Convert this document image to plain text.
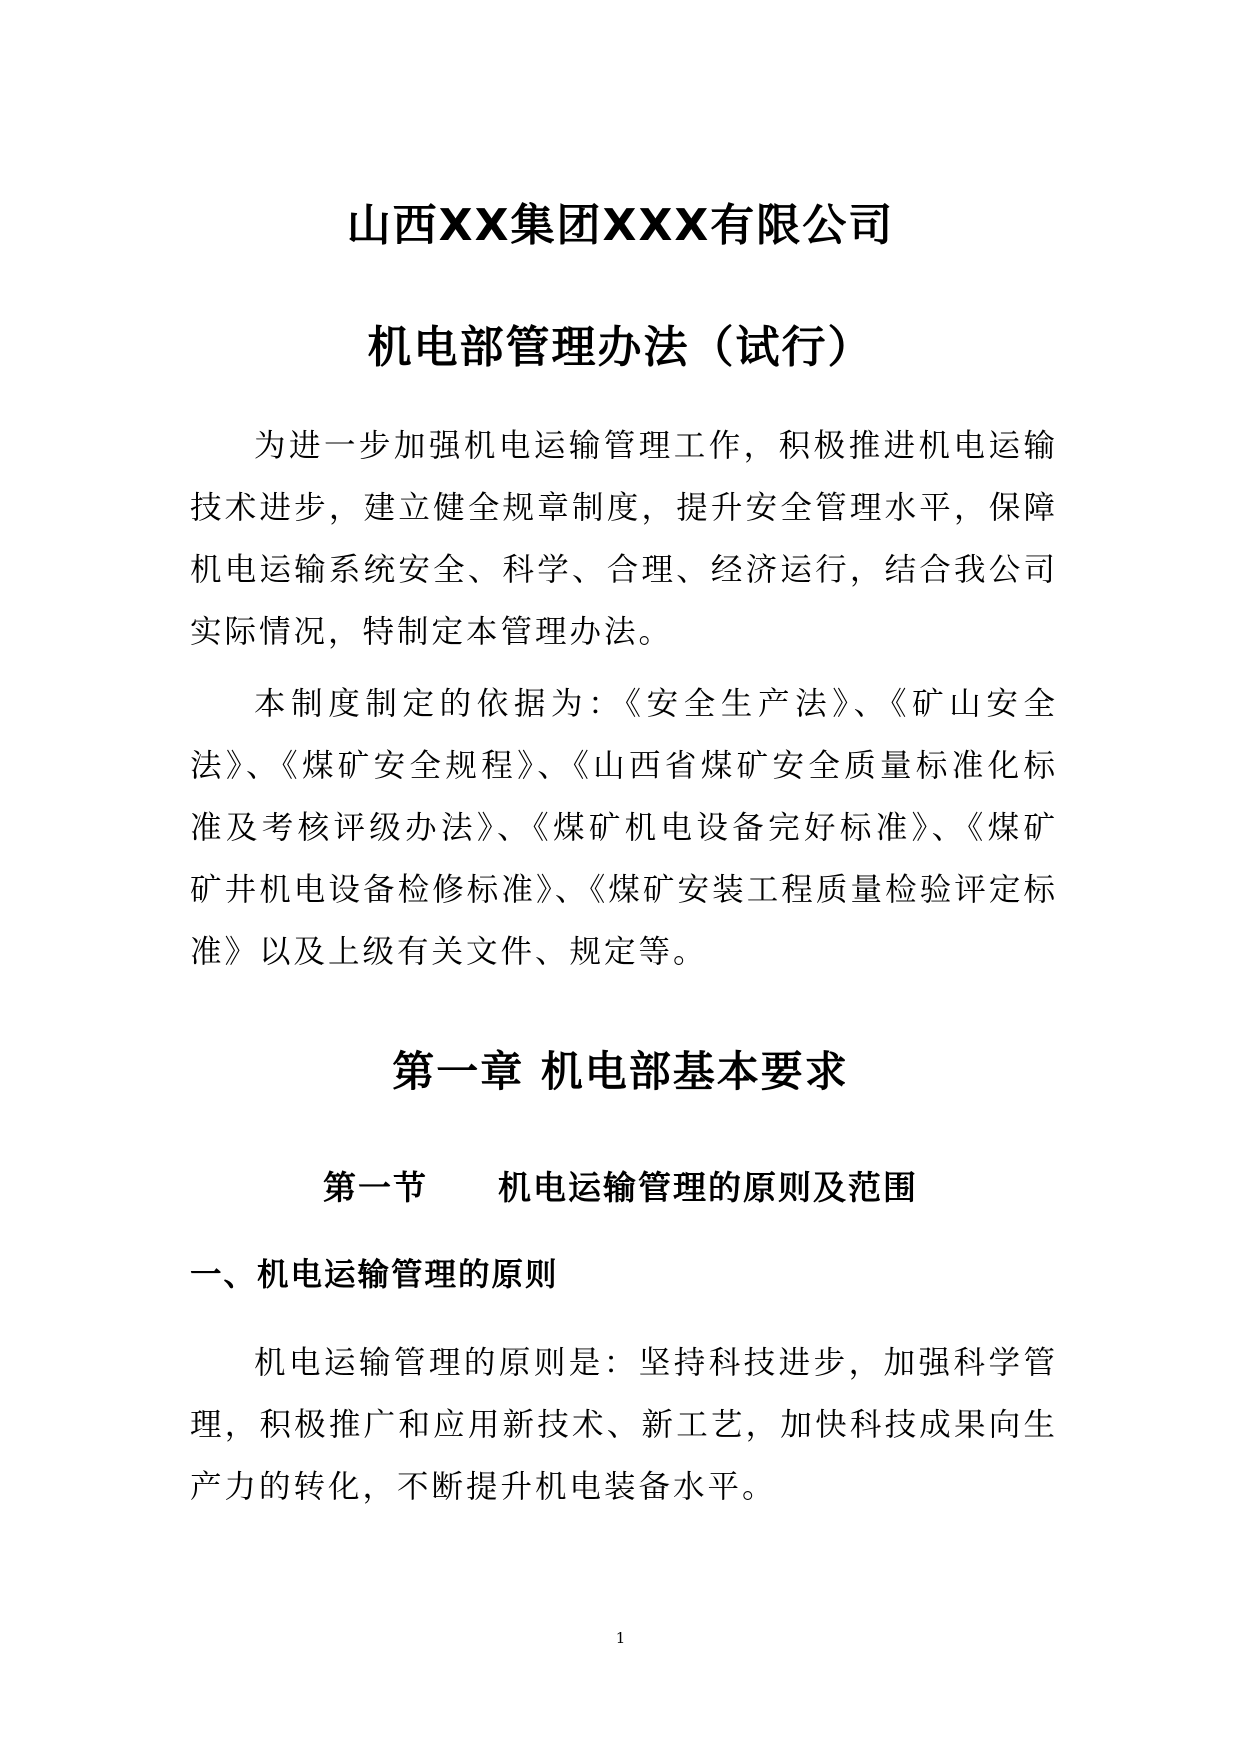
山西XX集团XXX有限公司
机电部管理办法（试行）

为进一步加强机电运输管理工作，积极推进机电运输技术进步，建立健全规章制度，提升安全管理水平，保障机电运输系统安全、科学、合理、经济运行，结合我公司实际情况，特制定本管理办法。

本制度制定的依据为：《安全生产法》、《矿山安全法》、《煤矿安全规程》、《山西省煤矿安全质量标准化标准及考核评级办法》、《煤矿机电设备完好标准》、《煤矿矿井机电设备检修标准》、《煤矿安装工程质量检验评定标准》以及上级有关文件、规定等。

第一章 机电部基本要求
第一节 机电运输管理的原则及范围
一、机电运输管理的原则

机电运输管理的原则是：坚持科技进步，加强科学管理，积极推广和应用新技术、新工艺，加快科技成果向生产力的转化，不断提升机电装备水平。

1
